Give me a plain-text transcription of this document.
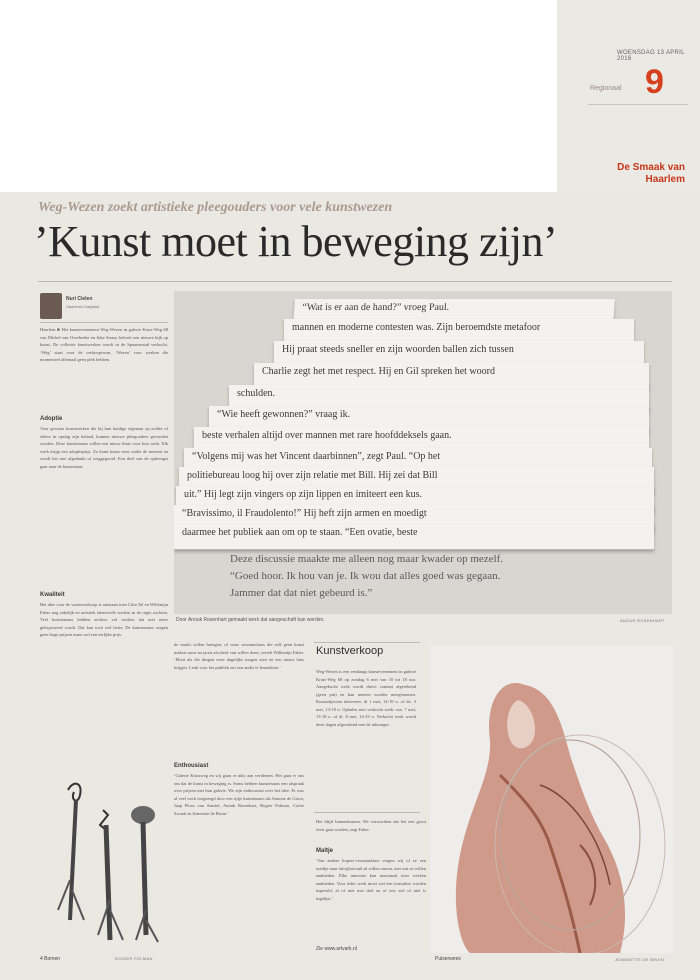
WOENSDAG 13 APRIL 2016
9
Regionaal
De Smaak van Haarlem
Weg-Wezen zoekt artistieke pleegouders voor vele kunstwezen
’Kunst moet in beweging zijn’
Nuri Cielen
Haarlems Dagblad
Haarlem ■ Het kunstevenement Weg-Wezen in galerie Kruis-Weg 68 van Michel van Overbeeke en Juke Straay belooft een nieuwe kijk op kunst. De collectie kunstwerken wordt in de Spaarnestad verkocht. ‘Weg’ staat voor de verkoopvorm, ‘Wezen’ voor werken die momenteel allemaal geen plek hebben.
Adoptie
Voor gewone kunstwerken die bij hun huidige eigenaar op zolder of elders in opslag zijn beland, kunnen nieuwe pleegouders gevonden worden. Deze kunstenaars willen een nieuw thuis voor hun werk. Elk werk krijgt een adoptieprijs. Zo komt kunst weer onder de mensen en wordt het niet afgedankt of weggegooid. Een deel van de opbrengst gaat naar de kunstenaar.
Kwaliteit
Het idee voor de wezenverkoop is ontstaan toen Cilia Tel en Willemijn Faber nog zakelijk en artistiek talentvolle werken in de regio zochten. Veel kunstenaars hebben ateliers vol werken dat niet meer geëxposeerd wordt. Dat kan toch wel beter. De kunstenaars vragen geen hoge prijzen maar wel een eerlijke prijs.
“Wat is er aan de hand?” vroeg Paul.
mannen en moderne contesten was. Zijn beroemdste metafoor
Hij praat steeds sneller en zijn woorden ballen zich tussen
Charlie zegt het met respect. Hij en Gil spreken het woord
schulden.
“Wie heeft gewonnen?” vraag ik.
beste verhalen altijd over mannen met rare hoofddeksels gaan.
“Volgens mij was het Vincent daarbinnen”, zegt Paul. “Op het
politiebureau loog hij over zijn relatie met Bill. Hij zei dat Bill
uit.” Hij legt zijn vingers op zijn lippen en imiteert een kus.
“Bravissimo, il Fraudolento!” Hij heft zijn armen en moedigt
daarmee het publiek aan om op te staan. “Een ovatie, beste
Deze discussie maakte me alleen nog maar kwader op mezelf.
“Goed hoor. Ik hou van je. Ik wou dat alles goed was gegaan.
Jammer dat dat niet gebeurd is.”
Door Anouk Rosenhart gemaakt werk dat aangeschaft kan worden.	ANOUK ROSENHART
de markt willen brengen, of waar verzamelaars die zelf geen kunst maken soms na jaren afscheid van willen doen, vertelt Willemijn Faber. ‘Mooi als die dingen weer dagelijks mogen zien en een nieuw huis krijgen. Leuk voor het publiek om een ander te benaderen.’
Enthousiast
‘Galerie Kruisweg en wij gaan er niks aan verdienen. Het gaat er ons om dat de kunst in beweging is. Soms hebben kunstenaars een afspraak over prijzen met hun galerie. We zijn enthousiast over het idee. Er was al veel werk toegezegd door een rijtje kunstenaars als Simone de Groot, Jaap Ploos van Amstel, Anouk Rosenhart, Rogier Polman, Cortie Swaak en Jeannette de Bruin.’
Kunstverkoop
Weg-Wezen is een eendaags kunstevenement in galerie Kruis-Weg 68 op zondag 6 mei van 10 tot 18 uur. Aangekocht werk wordt direct contant afgerekend (geen pin) en kan meteen worden meegenomen. Kunstobjecten inleveren: di 1 mei, 14-19 u. of do. 3 mei, 13-18 u. Ophalen niet verkocht werk: ma. 7 mei, 13-18 u. of di. 8 mei, 14-19 u. Verkocht werk wordt deze dagen afgerekend met de inbrenger.
Het blijft binnenkomen. We verwachten dat het een groot feest gaat worden, zegt Faber.
Maltje
‘Van andere kopers-verzamelaars vragen wij of ze een mailtje naar info@artvark.nl willen sturen, met wat ze willen aanbieden. Elke interesse kan maximaal twee werken aanbieden. Voor ieder werk moet wel een formulier worden ingevuld, al of niet met titel en of iets wel of niet is ingelijst.’
Zie www.artvark.nl
Pulserwees	JEANNETTE DE BRUIN
ROGIER POLMAN
4 Bomen
